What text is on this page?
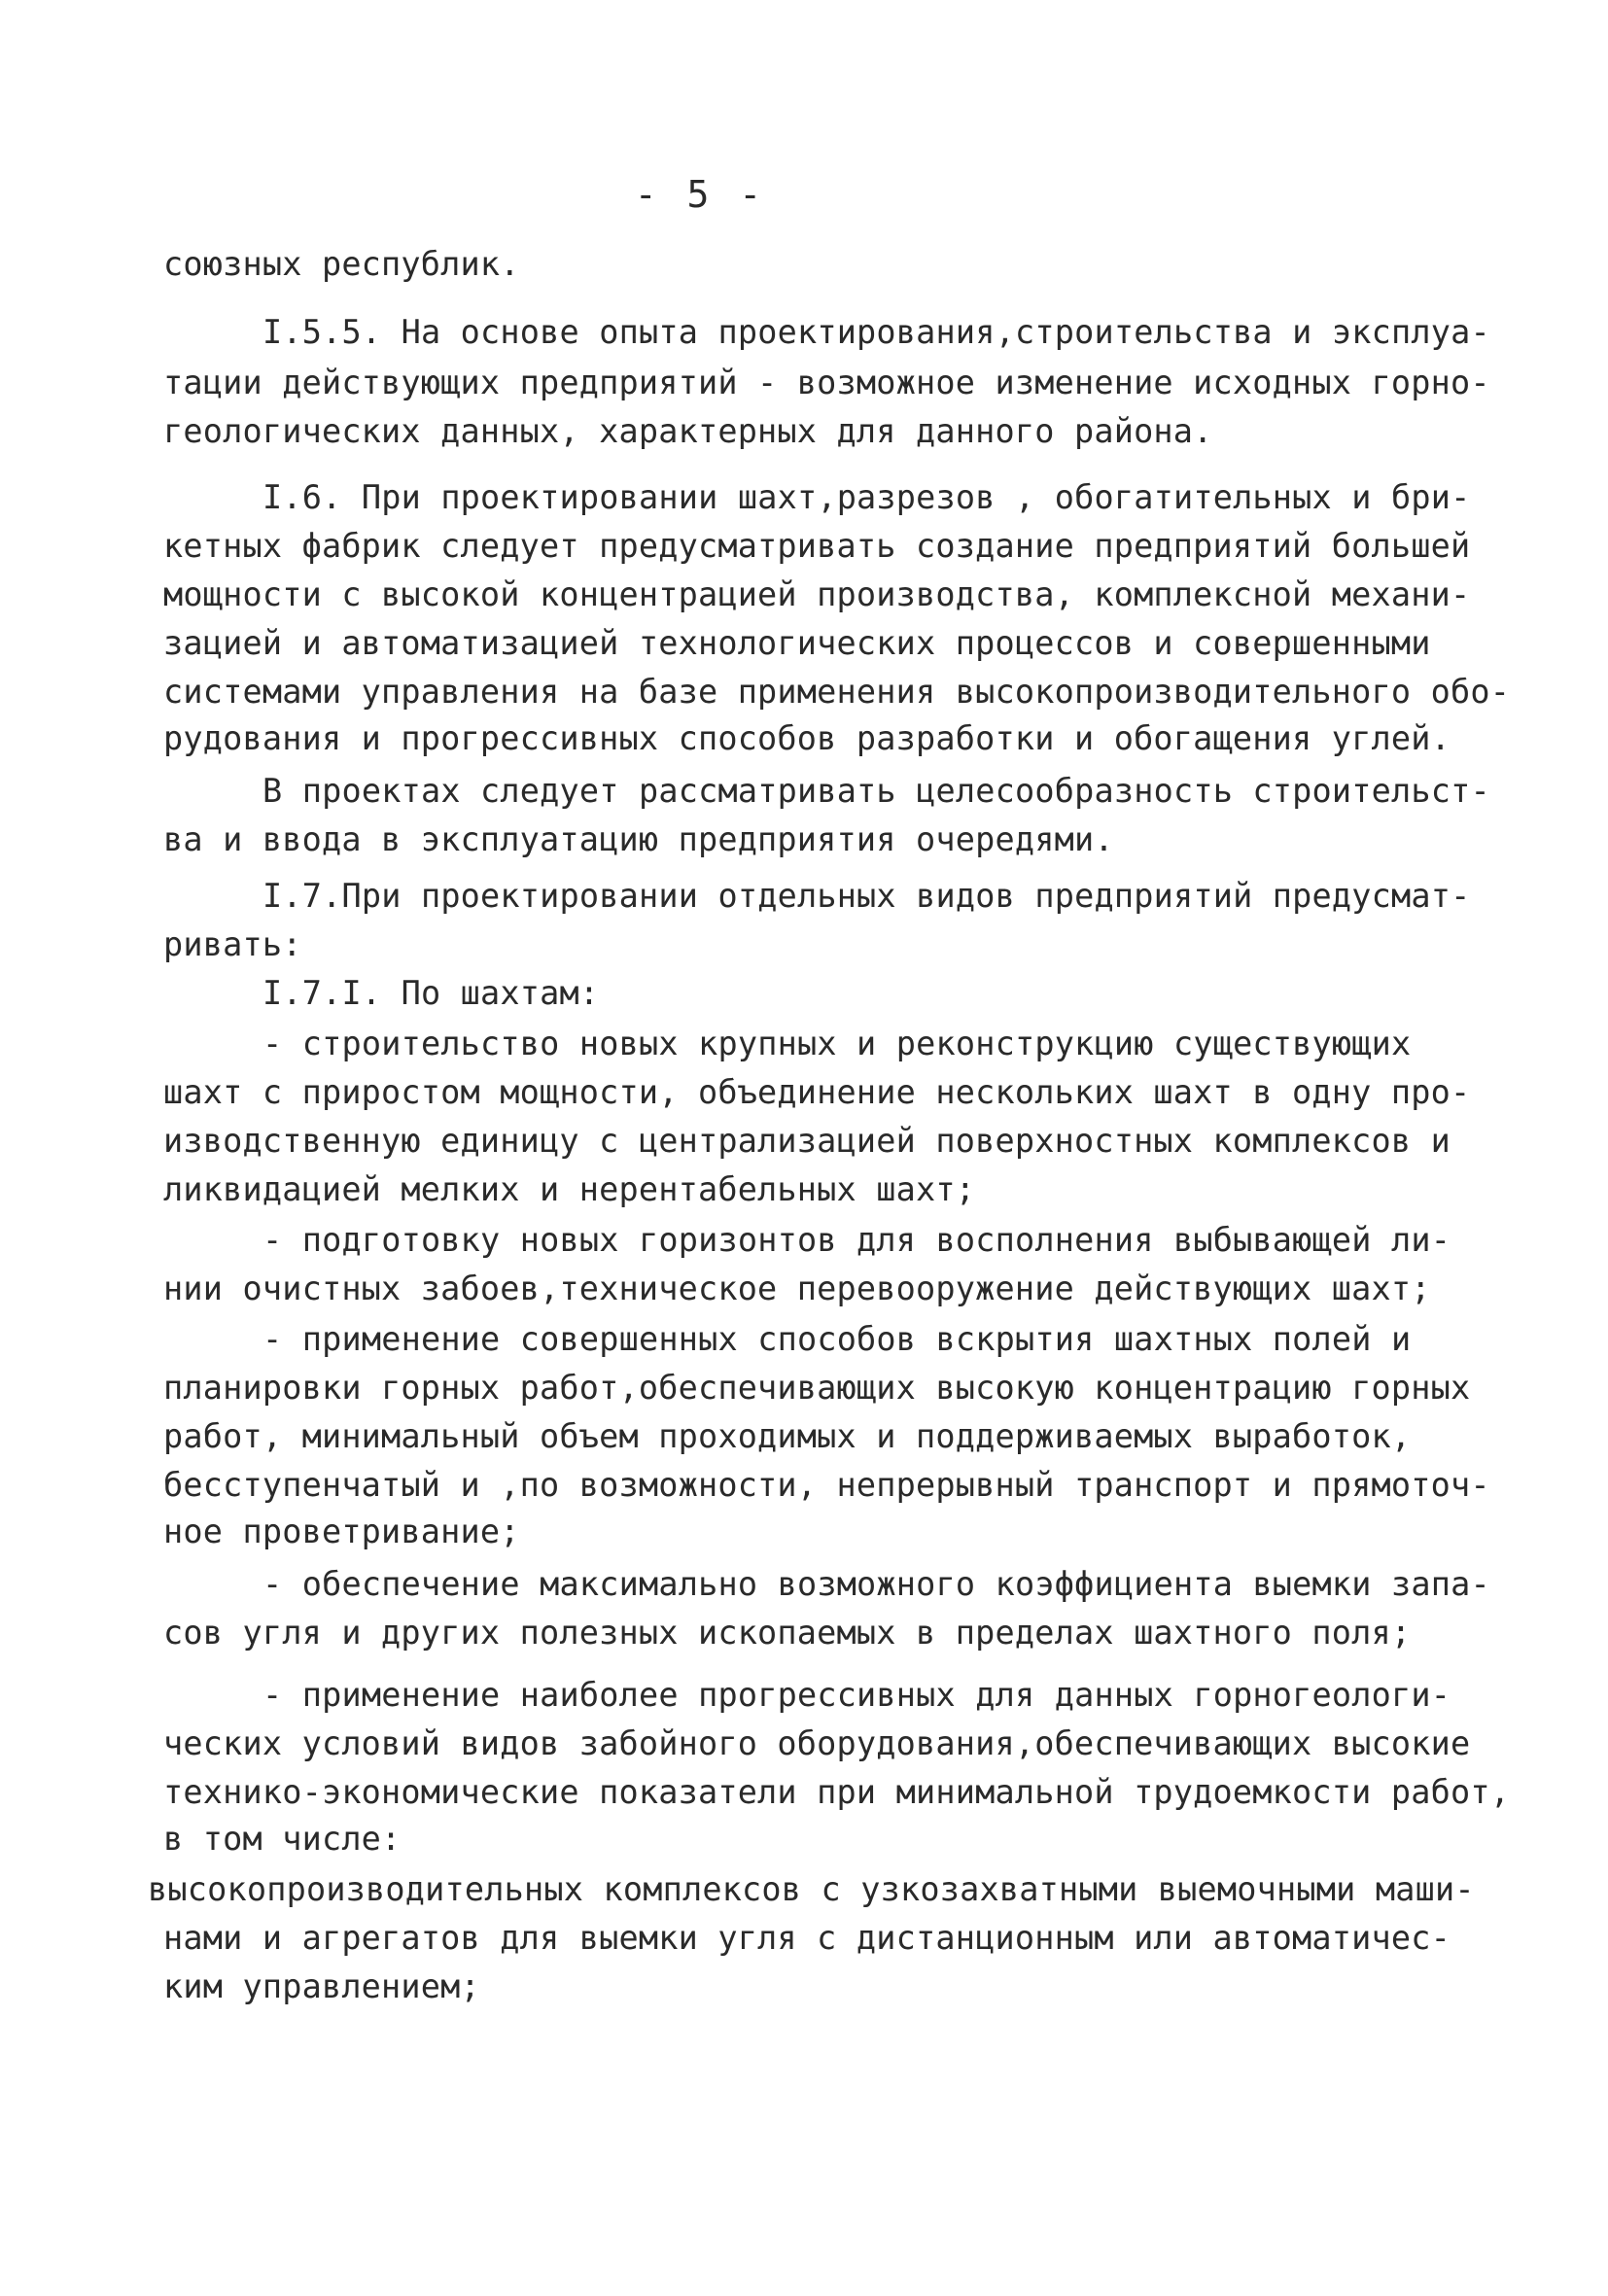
- 5 -
союзных республик.
I.5.5. На основе опыта проектирования,строительства и эксплуа-
тации действующих предприятий - возможное изменение исходных горно-
геологических данных, характерных для данного района.
I.6. При проектировании шахт,разрезов , обогатительных и бри-
кетных фабрик следует предусматривать создание предприятий большей
мощности с высокой концентрацией производства, комплексной механи-
зацией и автоматизацией технологических процессов и совершенными
системами управления на базе применения высокопроизводительного обо-
рудования и прогрессивных способов разработки и обогащения углей.
В проектах следует рассматривать целесообразность строительст-
ва и ввода в эксплуатацию предприятия очередями.
I.7.При проектировании отдельных видов предприятий предусмат-
ривать:
I.7.I. По шахтам:
- строительство новых крупных и реконструкцию существующих
шахт с приростом мощности, объединение нескольких шахт в одну про-
изводственную единицу с централизацией поверхностных комплексов и
ликвидацией мелких и нерентабельных шахт;
- подготовку новых горизонтов для восполнения выбывающей ли-
нии очистных забоев,техническое перевооружение действующих шахт;
- применение совершенных способов вскрытия шахтных полей и
планировки горных работ,обеспечивающих высокую концентрацию горных
работ, минимальный объем проходимых и поддерживаемых выработок,
бесступенчатый и ,по возможности, непрерывный транспорт и прямоточ-
ное проветривание;
- обеспечение максимально возможного коэффициента выемки запа-
сов угля и других полезных ископаемых в пределах шахтного поля;
- применение наиболее прогрессивных для данных горногеологи-
ческих условий видов забойного оборудования,обеспечивающих высокие
технико-экономические показатели при минимальной трудоемкости работ,
в том числе:
высокопроизводительных комплексов с узкозахватными выемочными маши-
нами и агрегатов для выемки угля с дистанционным или автоматичес-
ким управлением;
